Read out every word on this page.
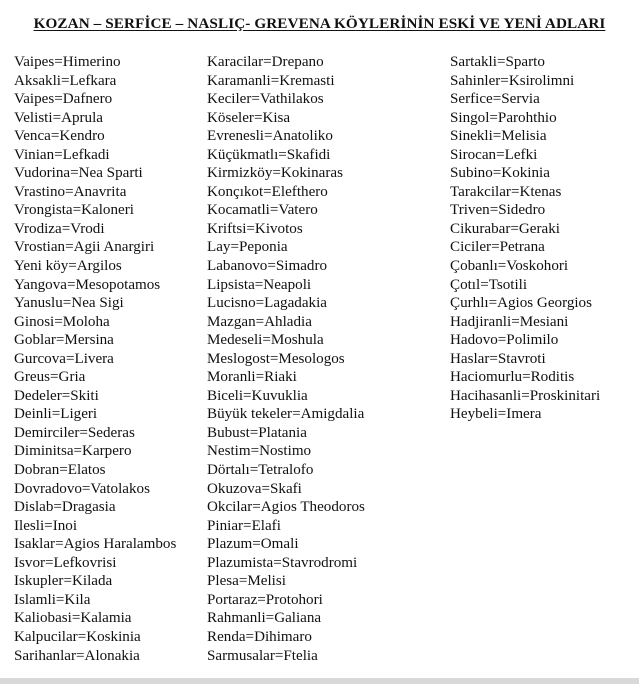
KOZAN – SERFİCE – NASLIÇ- GREVENA KÖYLERİNİN ESKİ VE YENİ ADLARI
Vaipes=Himerino
Aksakli=Lefkara
Vaipes=Dafnero
Velisti=Aprula
Venca=Kendro
Vinian=Lefkadi
Vudorina=Nea Sparti
Vrastino=Anavrita
Vrongista=Kaloneri
Vrodiza=Vrodi
Vrostian=Agii Anargiri
Yeni köy=Argilos
Yangova=Mesopotamos
Yanuslu=Nea Sigi
Ginosi=Moloha
Goblar=Mersina
Gurcova=Livera
Greus=Gria
Dedeler=Skiti
Deinli=Ligeri
Demirciler=Sederas
Diminitsa=Karpero
Dobran=Elatos
Dovradovo=Vatolakos
Dislab=Dragasia
Ilesli=Inoi
Isaklar=Agios Haralambos
Isvor=Lefkovrisi
Iskupler=Kilada
Islamli=Kila
Kaliobasi=Kalamia
Kalpucilar=Koskinia
Sarihanlar=Alonakia
Karacilar=Drepano
Karamanli=Kremasti
Keciler=Vathilakos
Köseler=Kisa
Evrenesli=Anatoliko
Küçükmatlı=Skafidi
Kirmizköy=Kokinaras
Konçıkot=Elefthero
Kocamatli=Vatero
Kriftsi=Kivotos
Lay=Peponia
Labanovo=Simadro
Lipsista=Neapoli
Lucisno=Lagadakia
Mazgan=Ahladia
Medeseli=Moshula
Meslogost=Mesologos
Moranli=Riaki
Biceli=Kuvuklia
Büyük tekeler=Amigdalia
Bubust=Platania
Nestim=Nostimo
Dörtalı=Tetralofo
Okuzova=Skafi
Okcilar=Agios Theodoros
Piniar=Elafi
Plazum=Omali
Plazumista=Stavrodromi
Plesa=Melisi
Portaraz=Protohori
Rahmanli=Galiana
Renda=Dihimaro
Sarmusalar=Ftelia
Sartakli=Sparto
Sahinler=Ksirolimni
Serfice=Servia
Singol=Parohthio
Sinekli=Melisia
Sirocan=Lefki
Subino=Kokinia
Tarakcilar=Ktenas
Triven=Sidedro
Cikurabar=Geraki
Ciciler=Petrana
Çobanlı=Voskohori
Çotıl=Tsotili
Çurhlı=Agios Georgios
Hadjiranli=Mesiani
Hadovo=Polimilo
Haslar=Stavroti
Haciomurlu=Roditis
Hacihasanli=Proskinitari
Heybeli=Imera
